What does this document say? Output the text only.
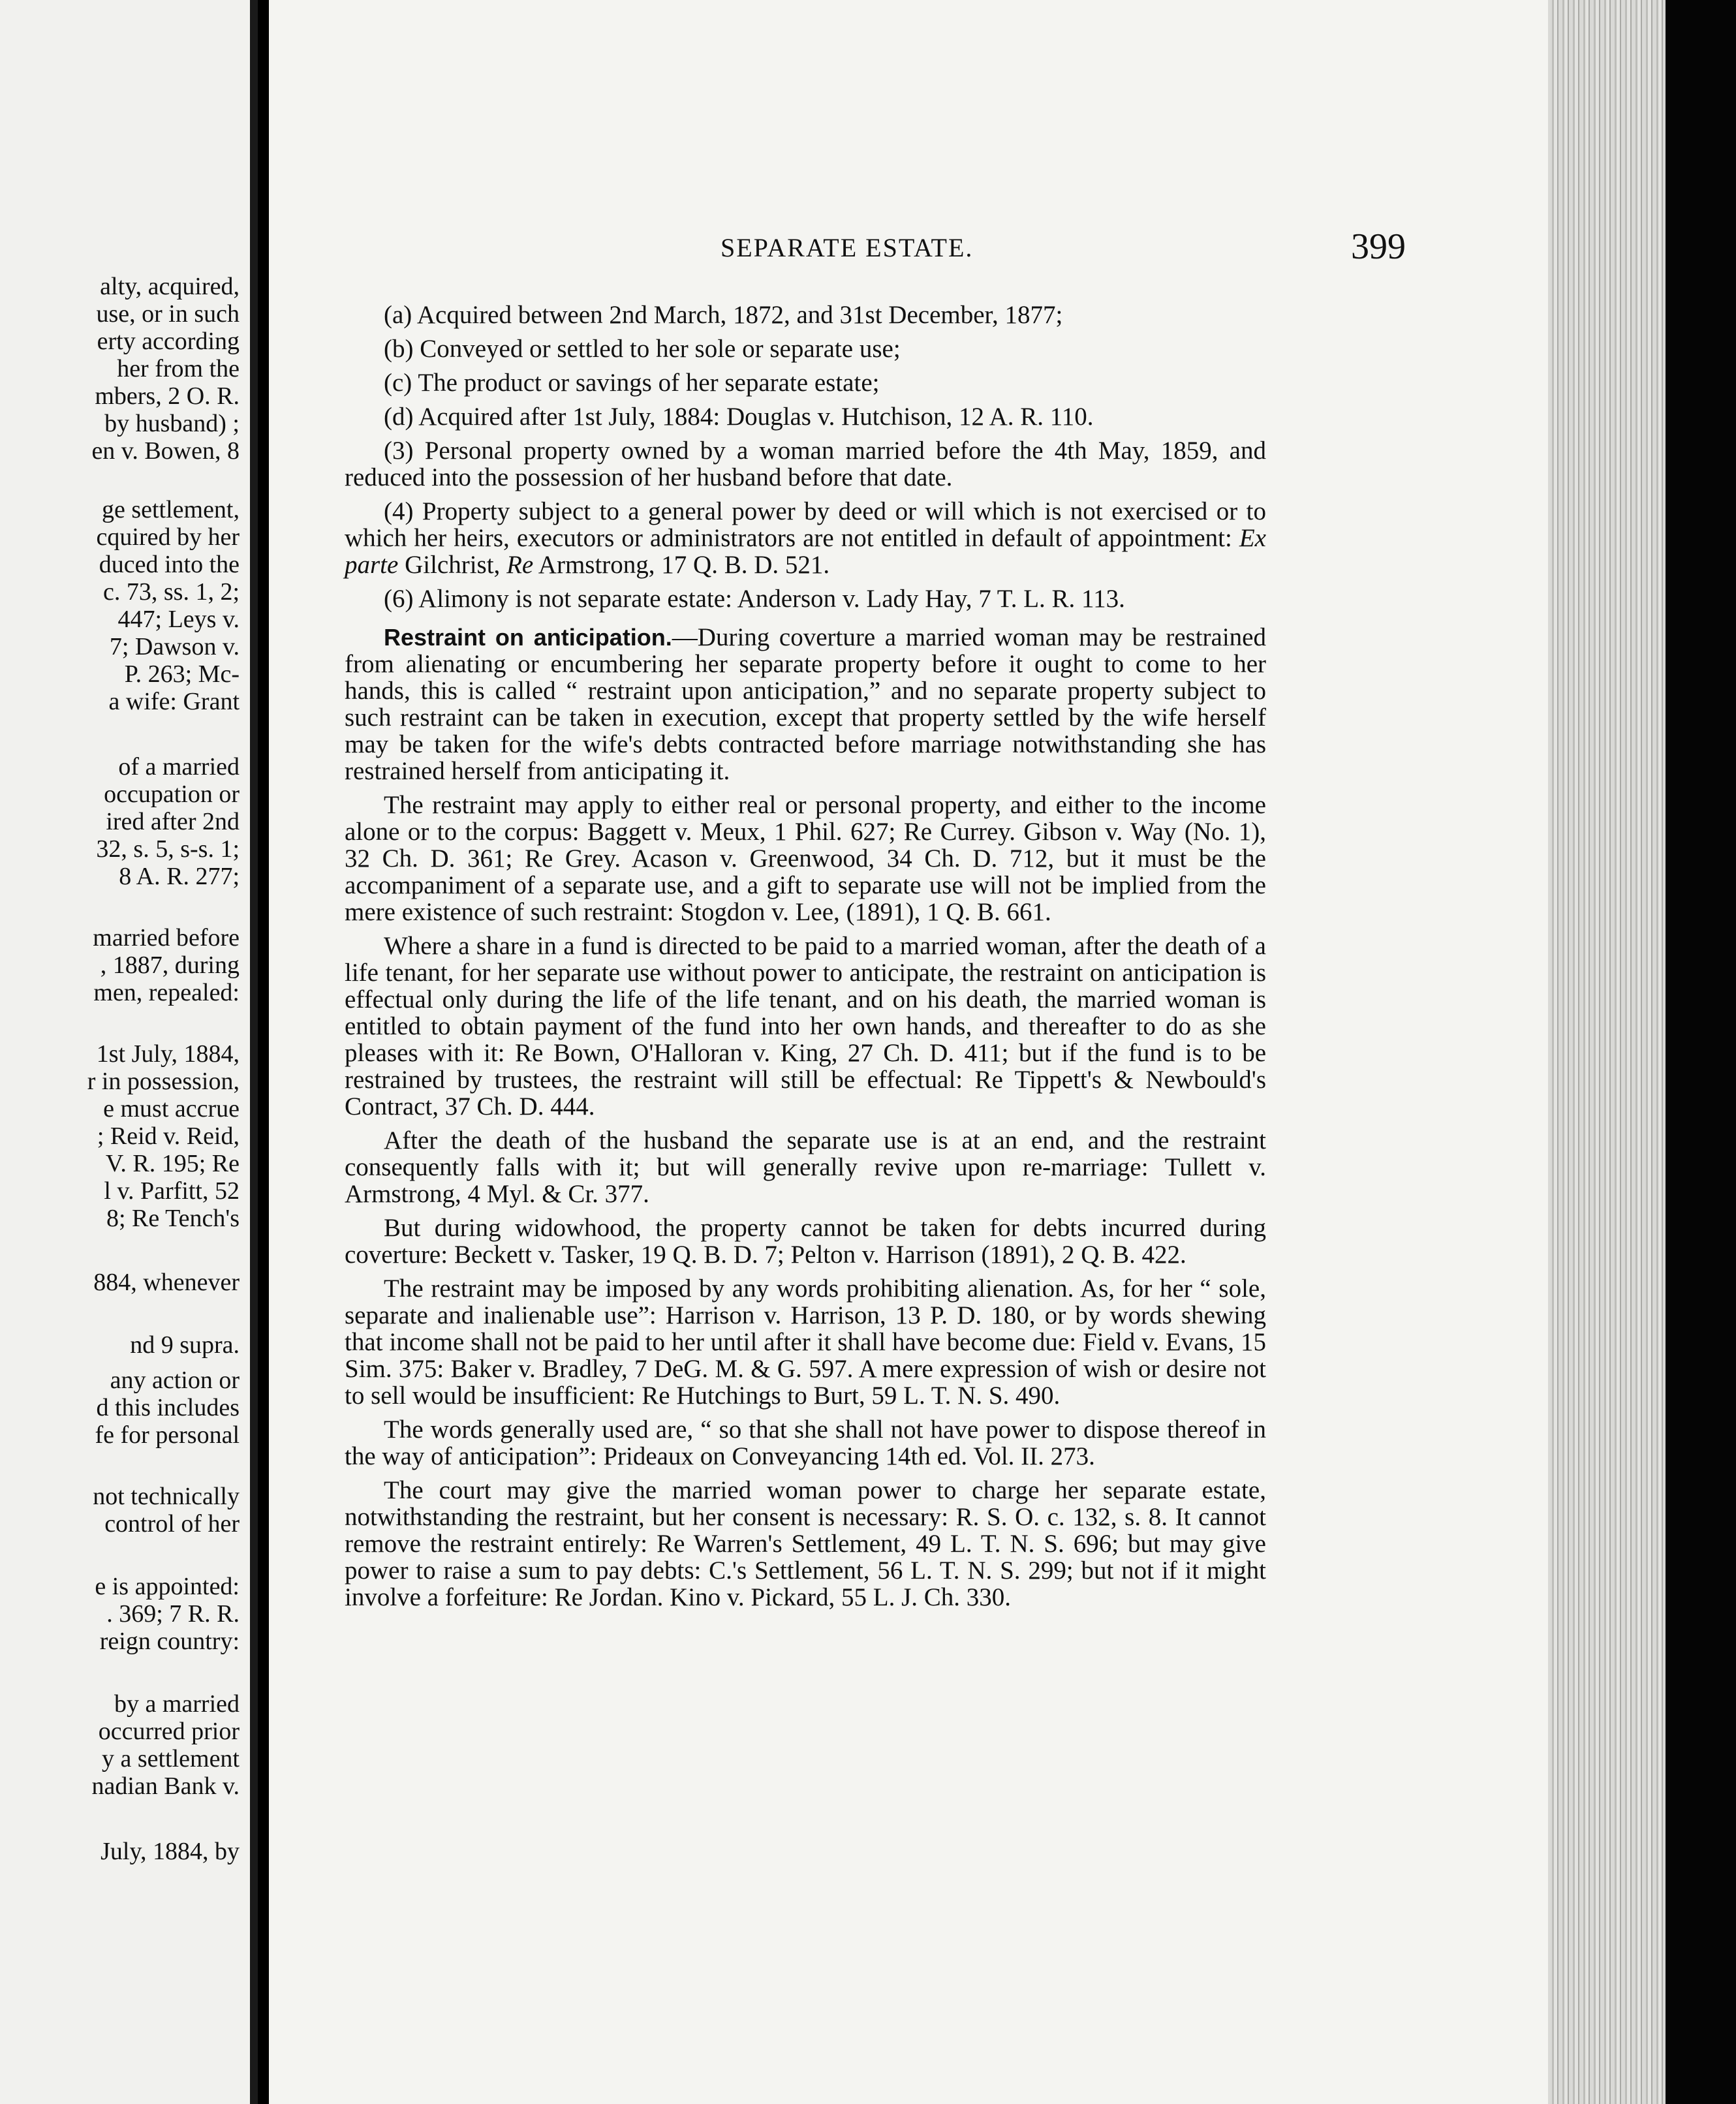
alty, acquired,
use, or in such
erty according
her from the
mbers, 2 O. R.
by husband) ;
en v. Bowen, 8
ge settlement,
cquired by her
duced into the
c. 73, ss. 1, 2;
447; Leys v.
7; Dawson v.
P. 263; Mc-
a wife: Grant
of a married
occupation or
ired after 2nd
32, s. 5, s-s. 1;
8 A. R. 277;
married before
, 1887, during
men, repealed:
1st July, 1884,
r in possession,
e must accrue
; Reid v. Reid,
V. R. 195; Re
l v. Parfitt, 52
8; Re Tench's
884, whenever
nd 9 supra.
any action or
d this includes
fe for personal
not technically
control of her
e is appointed:
. 369; 7 R. R.
reign country:
by a married
occurred prior
y a settlement
nadian Bank v.
July, 1884, by
SEPARATE ESTATE.	399

(a) Acquired between 2nd March, 1872, and 31st December, 1877;

(b) Conveyed or settled to her sole or separate use;

(c) The product or savings of her separate estate;

(d) Acquired after 1st July, 1884: Douglas v. Hutchison, 12 A. R. 110.

(3) Personal property owned by a woman married before the 4th May, 1859, and reduced into the possession of her husband before that date.

(4) Property subject to a general power by deed or will which is not exercised or to which her heirs, executors or administrators are not entitled in default of appointment: Ex parte Gilchrist, Re Armstrong, 17 Q. B. D. 521.

(6) Alimony is not separate estate: Anderson v. Lady Hay, 7 T. L. R. 113.

Restraint on anticipation.—During coverture a married woman may be restrained from alienating or encumbering her separate property before it ought to come to her hands, this is called “ restraint upon anticipation,” and no separate property subject to such restraint can be taken in execution, except that property settled by the wife herself may be taken for the wife's debts contracted before marriage notwithstanding she has restrained herself from anticipating it.

The restraint may apply to either real or personal property, and either to the income alone or to the corpus: Baggett v. Meux, 1 Phil. 627; Re Currey. Gibson v. Way (No. 1), 32 Ch. D. 361; Re Grey. Acason v. Greenwood, 34 Ch. D. 712, but it must be the accompaniment of a separate use, and a gift to separate use will not be implied from the mere existence of such restraint: Stogdon v. Lee, (1891), 1 Q. B. 661.

Where a share in a fund is directed to be paid to a married woman, after the death of a life tenant, for her separate use without power to anticipate, the restraint on anticipation is effectual only during the life of the life tenant, and on his death, the married woman is entitled to obtain payment of the fund into her own hands, and thereafter to do as she pleases with it: Re Bown, O'Halloran v. King, 27 Ch. D. 411; but if the fund is to be restrained by trustees, the restraint will still be effectual: Re Tippett's & Newbould's Contract, 37 Ch. D. 444.

After the death of the husband the separate use is at an end, and the restraint consequently falls with it; but will generally revive upon re-marriage: Tullett v. Armstrong, 4 Myl. & Cr. 377.

But during widowhood, the property cannot be taken for debts incurred during coverture: Beckett v. Tasker, 19 Q. B. D. 7; Pelton v. Harrison (1891), 2 Q. B. 422.

The restraint may be imposed by any words prohibiting alienation. As, for her “ sole, separate and inalienable use”: Harrison v. Harrison, 13 P. D. 180, or by words shewing that income shall not be paid to her until after it shall have become due: Field v. Evans, 15 Sim. 375: Baker v. Bradley, 7 DeG. M. & G. 597. A mere expression of wish or desire not to sell would be insufficient: Re Hutchings to Burt, 59 L. T. N. S. 490.

The words generally used are, “ so that she shall not have power to dispose thereof in the way of anticipation”: Prideaux on Conveyancing 14th ed. Vol. II. 273.

The court may give the married woman power to charge her separate estate, notwithstanding the restraint, but her consent is necessary: R. S. O. c. 132, s. 8. It cannot remove the restraint entirely: Re Warren's Settlement, 49 L. T. N. S. 696; but may give power to raise a sum to pay debts: C.'s Settlement, 56 L. T. N. S. 299; but not if it might involve a forfeiture: Re Jordan. Kino v. Pickard, 55 L. J. Ch. 330.
